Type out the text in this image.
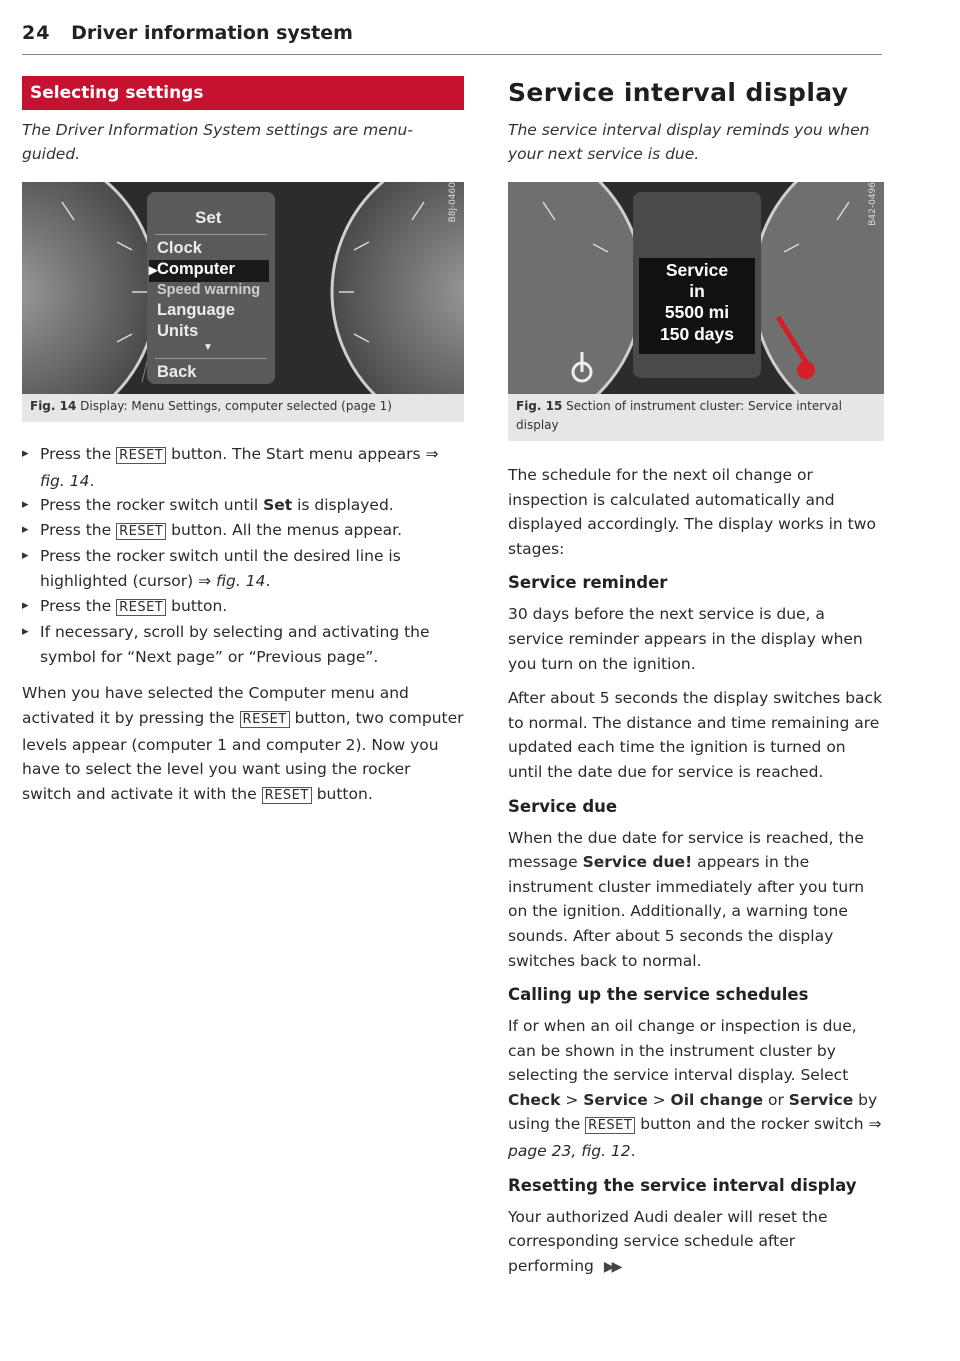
24 Driver information system
Selecting settings
The Driver Information System settings are menu-guided.
Set
Clock
▸ Computer
Speed warning
Language
Units
▼
Back
B8J-0460
Fig. 14 Display: Menu Settings, computer selected (page 1)
▸ Press the RESET button. The Start menu appears ⇒ fig. 14.
▸ Press the rocker switch until Set is displayed.
▸ Press the RESET button. All the menus appear.
▸ Press the rocker switch until the desired line is highlighted (cursor) ⇒ fig. 14.
▸ Press the RESET button.
▸ If necessary, scroll by selecting and activating the symbol for “Next page” or “Previous page”.

When you have selected the Computer menu and activated it by pressing the RESET button, two computer levels appear (computer 1 and computer 2). Now you have to select the level you want using the rocker switch and activate it with the RESET button.

Service interval display
The service interval display reminds you when your next service is due.
Service
in
5500 mi
150 days
B42-0496
Fig. 15 Section of instrument cluster: Service interval display

The schedule for the next oil change or inspection is calculated automatically and displayed accordingly. The display works in two stages:

Service reminder

30 days before the next service is due, a service reminder appears in the display when you turn on the ignition.

After about 5 seconds the display switches back to normal. The distance and time remaining are updated each time the ignition is turned on until the date due for service is reached.

Service due

When the due date for service is reached, the message Service due! appears in the instrument cluster immediately after you turn on the ignition. Additionally, a warning tone sounds. After about 5 seconds the display switches back to normal.

Calling up the service schedules

If or when an oil change or inspection is due, can be shown in the instrument cluster by selecting the service interval display. Select Check > Service > Oil change or Service by using the RESET button and the rocker switch ⇒ page 23, fig. 12.

Resetting the service interval display

Your authorized Audi dealer will reset the corresponding service schedule after performing ▶▶
